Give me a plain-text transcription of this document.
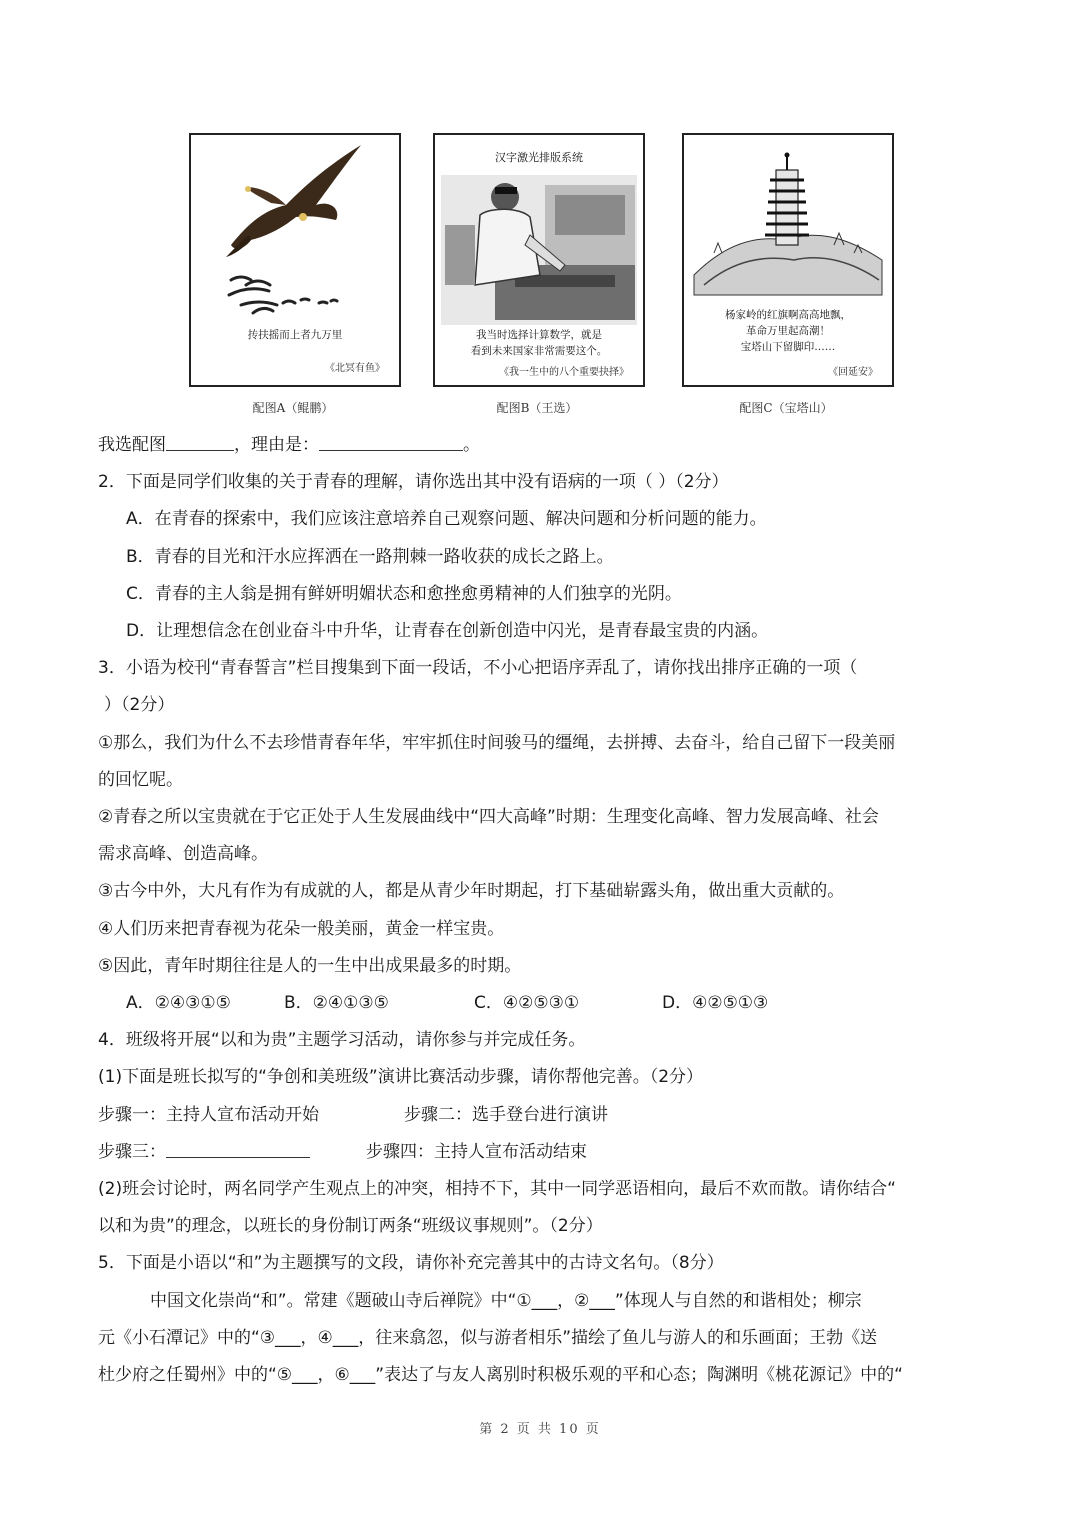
抟扶摇而上者九万里
《北冥有鱼》
汉字激光排版系统
我当时选择计算数学，就是
看到未来国家非常需要这个。
《我一生中的八个重要抉择》
杨家岭的红旗啊高高地飘，
革命万里起高潮！
宝塔山下留脚印……
《回延安》
配图A（鲲鹏）	配图B（王选）	配图C（宝塔山）
我选配图	，理由是：	。
2．下面是同学们收集的关于青春的理解，请你选出其中没有语病的一项（ ）（2分）
A．在青春的探索中，我们应该注意培养自己观察问题、解决问题和分析问题的能力。
B．青春的目光和汗水应挥洒在一路荆棘一路收获的成长之路上。
C．青春的主人翁是拥有鲜妍明媚状态和愈挫愈勇精神的人们独享的光阴。
D．让理想信念在创业奋斗中升华，让青春在创新创造中闪光，是青春最宝贵的内涵。
3．小语为校刊“青春誓言”栏目搜集到下面一段话，不小心把语序弄乱了，请你找出排序正确的一项（
）（2分）
①那么，我们为什么不去珍惜青春年华，牢牢抓住时间骏马的缰绳，去拼搏、去奋斗，给自己留下一段美丽
的回忆呢。
②青春之所以宝贵就在于它正处于人生发展曲线中“四大高峰”时期：生理变化高峰、智力发展高峰、社会
需求高峰、创造高峰。
③古今中外，大凡有作为有成就的人，都是从青少年时期起，打下基础崭露头角，做出重大贡献的。
④人们历来把青春视为花朵一般美丽，黄金一样宝贵。
⑤因此，青年时期往往是人的一生中出成果最多的时期。
A．②④③①⑤	B．②④①③⑤	C．④②⑤③①	D．④②⑤①③
4．班级将开展“以和为贵”主题学习活动，请你参与并完成任务。
(1)下面是班长拟写的“争创和美班级”演讲比赛活动步骤，请你帮他完善。（2分）
步骤一：主持人宣布活动开始	步骤二：选手登台进行演讲
步骤三：	步骤四：主持人宣布活动结束
(2)班会讨论时，两名同学产生观点上的冲突，相持不下，其中一同学恶语相向，最后不欢而散。请你结合“
以和为贵”的理念，以班长的身份制订两条“班级议事规则”。（2分）
5．下面是小语以“和”为主题撰写的文段，请你补充完善其中的古诗文名句。（8分）
中国文化崇尚“和”。常建《题破山寺后禅院》中“①___，②___”体现人与自然的和谐相处；柳宗
元《小石潭记》中的“③___，④___，往来翕忽，似与游者相乐”描绘了鱼儿与游人的和乐画面；王勃《送
杜少府之任蜀州》中的“⑤___，⑥___”表达了与友人离别时积极乐观的平和心态；陶渊明《桃花源记》中的“
第 2 页 共 10 页
